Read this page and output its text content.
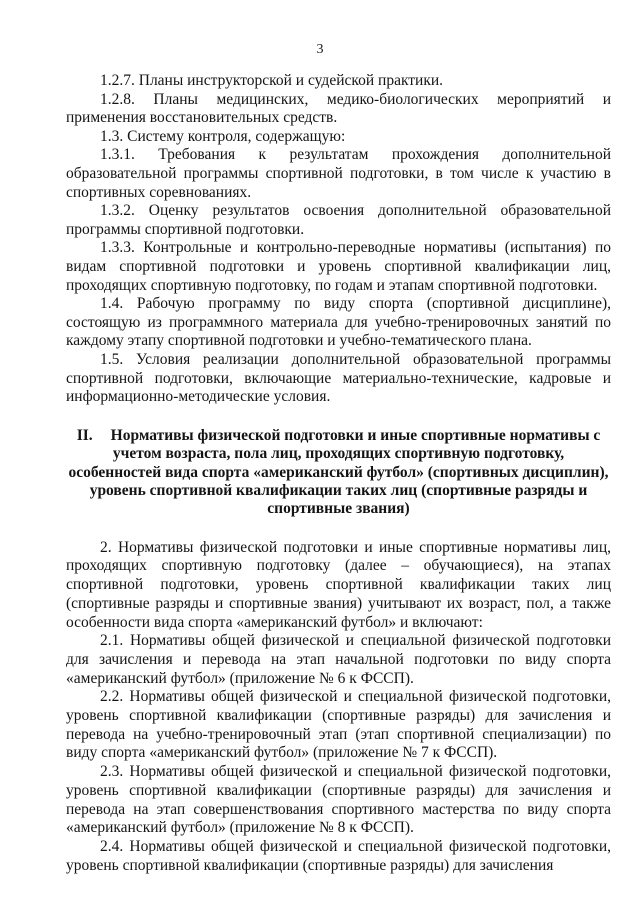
3

1.2.7. Планы инструкторской и судейской практики.

1.2.8. Планы медицинских, медико-биологических мероприятий и применения восстановительных средств.

1.3. Систему контроля, содержащую:

1.3.1. Требования к результатам прохождения дополнительной образовательной программы спортивной подготовки, в том числе к участию в спортивных соревнованиях.

1.3.2. Оценку результатов освоения дополнительной образовательной программы спортивной подготовки.

1.3.3. Контрольные и контрольно-переводные нормативы (испытания) по видам спортивной подготовки и уровень спортивной квалификации лиц, проходящих спортивную подготовку, по годам и этапам спортивной подготовки.

1.4. Рабочую программу по виду спорта (спортивной дисциплине), состоящую из программного материала для учебно-тренировочных занятий по каждому этапу спортивной подготовки и учебно-тематического плана.

1.5. Условия реализации дополнительной образовательной программы спортивной подготовки, включающие материально-технические, кадровые и информационно-методические условия.

II. Нормативы физической подготовки и иные спортивные нормативы с учетом возраста, пола лиц, проходящих спортивную подготовку, особенностей вида спорта «американский футбол» (спортивных дисциплин), уровень спортивной квалификации таких лиц (спортивные разряды и спортивные звания)

2. Нормативы физической подготовки и иные спортивные нормативы лиц, проходящих спортивную подготовку (далее – обучающиеся), на этапах спортивной подготовки, уровень спортивной квалификации таких лиц (спортивные разряды и спортивные звания) учитывают их возраст, пол, а также особенности вида спорта «американский футбол» и включают:

2.1. Нормативы общей физической и специальной физической подготовки для зачисления и перевода на этап начальной подготовки по виду спорта «американский футбол» (приложение № 6 к ФССП).

2.2. Нормативы общей физической и специальной физической подготовки, уровень спортивной квалификации (спортивные разряды) для зачисления и перевода на учебно-тренировочный этап (этап спортивной специализации) по виду спорта «американский футбол» (приложение № 7 к ФССП).

2.3. Нормативы общей физической и специальной физической подготовки, уровень спортивной квалификации (спортивные разряды) для зачисления и перевода на этап совершенствования спортивного мастерства по виду спорта «американский футбол» (приложение № 8 к ФССП).

2.4. Нормативы общей физической и специальной физической подготовки, уровень спортивной квалификации (спортивные разряды) для зачисления
